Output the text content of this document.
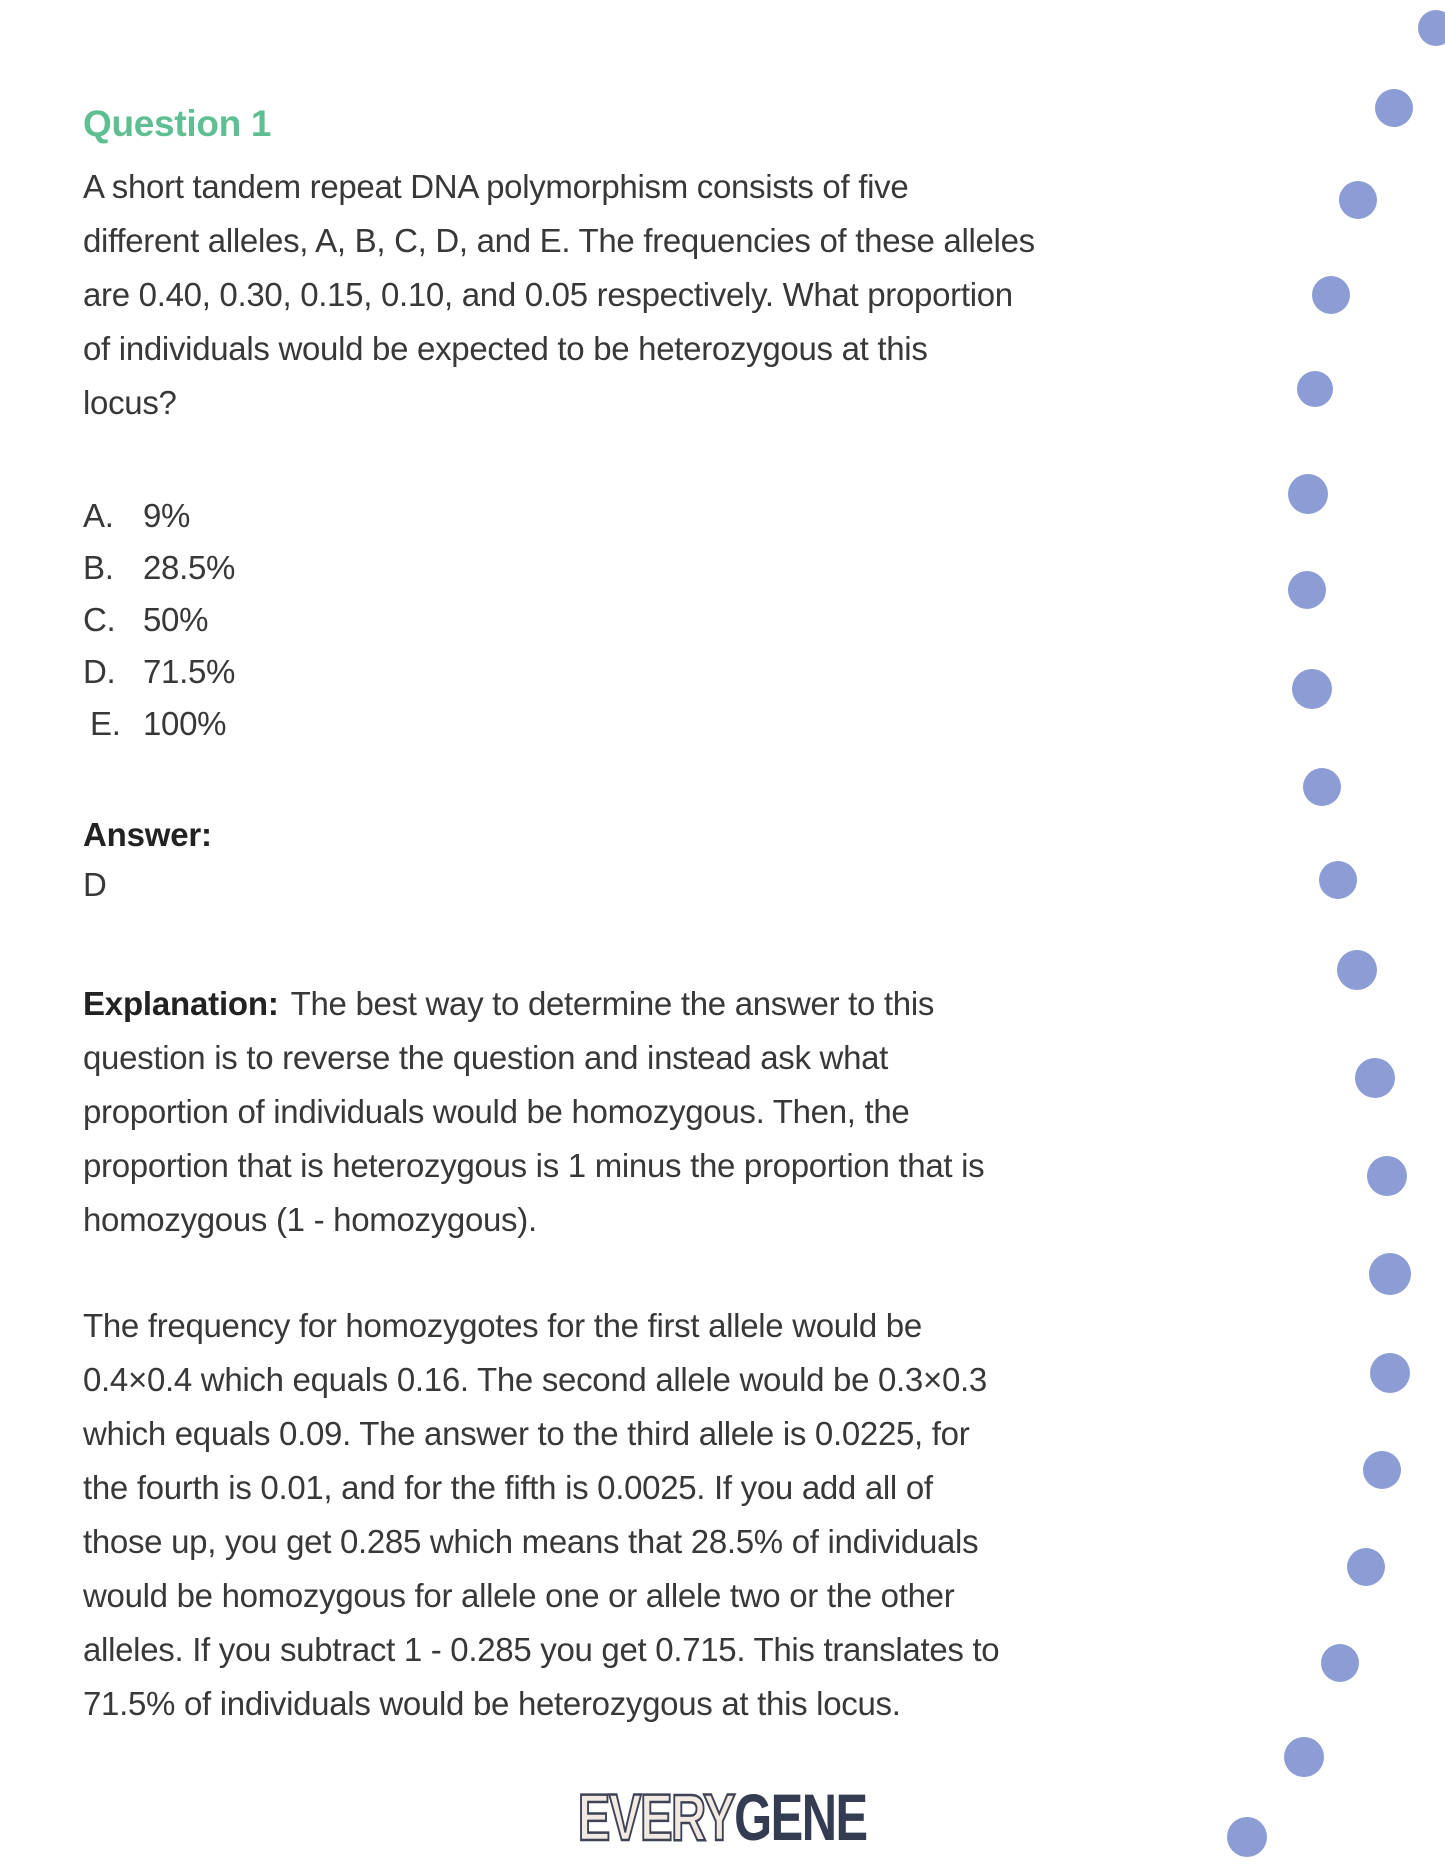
Question 1
A short tandem repeat DNA polymorphism consists of five
different alleles, A, B, C, D, and E. The frequencies of these alleles
are 0.40, 0.30, 0.15, 0.10, and 0.05 respectively. What proportion
of individuals would be expected to be heterozygous at this
locus?
A. 9%
B. 28.5%
C. 50%
D. 71.5%
E. 100%
Answer:
D
Explanation: The best way to determine the answer to this
question is to reverse the question and instead ask what
proportion of individuals would be homozygous. Then, the
proportion that is heterozygous is 1 minus the proportion that is
homozygous (1 - homozygous).
The frequency for homozygotes for the first allele would be
0.4×0.4 which equals 0.16. The second allele would be 0.3×0.3
which equals 0.09. The answer to the third allele is 0.0225, for
the fourth is 0.01, and for the fifth is 0.0025. If you add all of
those up, you get 0.285 which means that 28.5% of individuals
would be homozygous for allele one or allele two or the other
alleles. If you subtract 1 - 0.285 you get 0.715. This translates to
71.5% of individuals would be heterozygous at this locus.
EVERYGENE
